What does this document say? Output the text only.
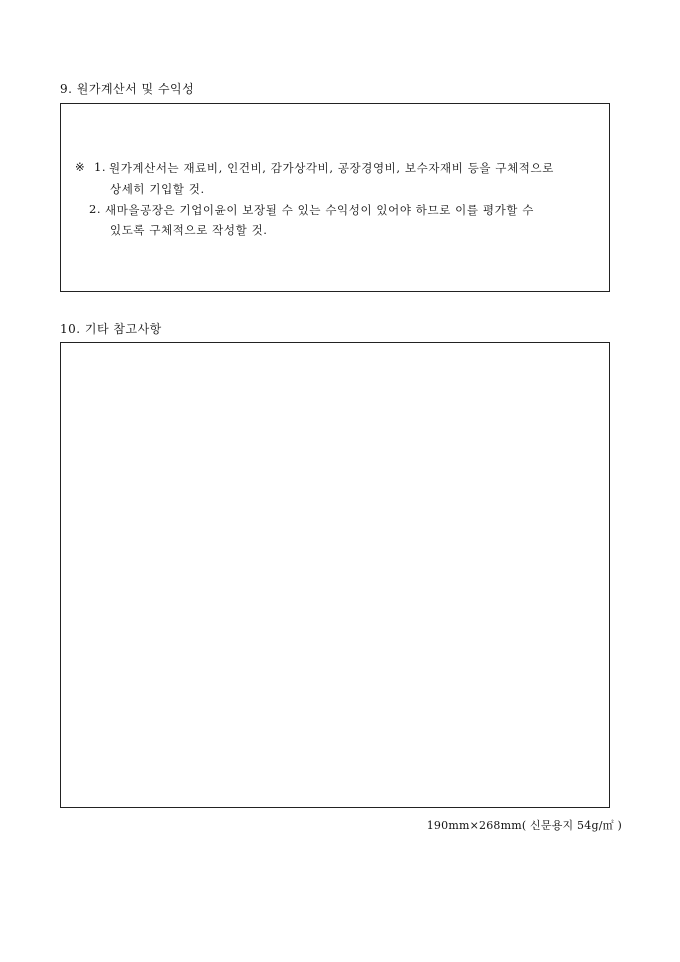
9. 원가계산서 및 수익성
※ 1. 원가계산서는 재료비, 인건비, 감가상각비, 공장경영비, 보수자재비 등을 구체적으로
상세히 기입할 것.
2. 새마을공장은 기업이윤이 보장될 수 있는 수익성이 있어야 하므로 이를 평가할 수
있도록 구체적으로 작성할 것.
10. 기타 참고사항
190mm×268mm( 신문용지 54g/㎡ )
